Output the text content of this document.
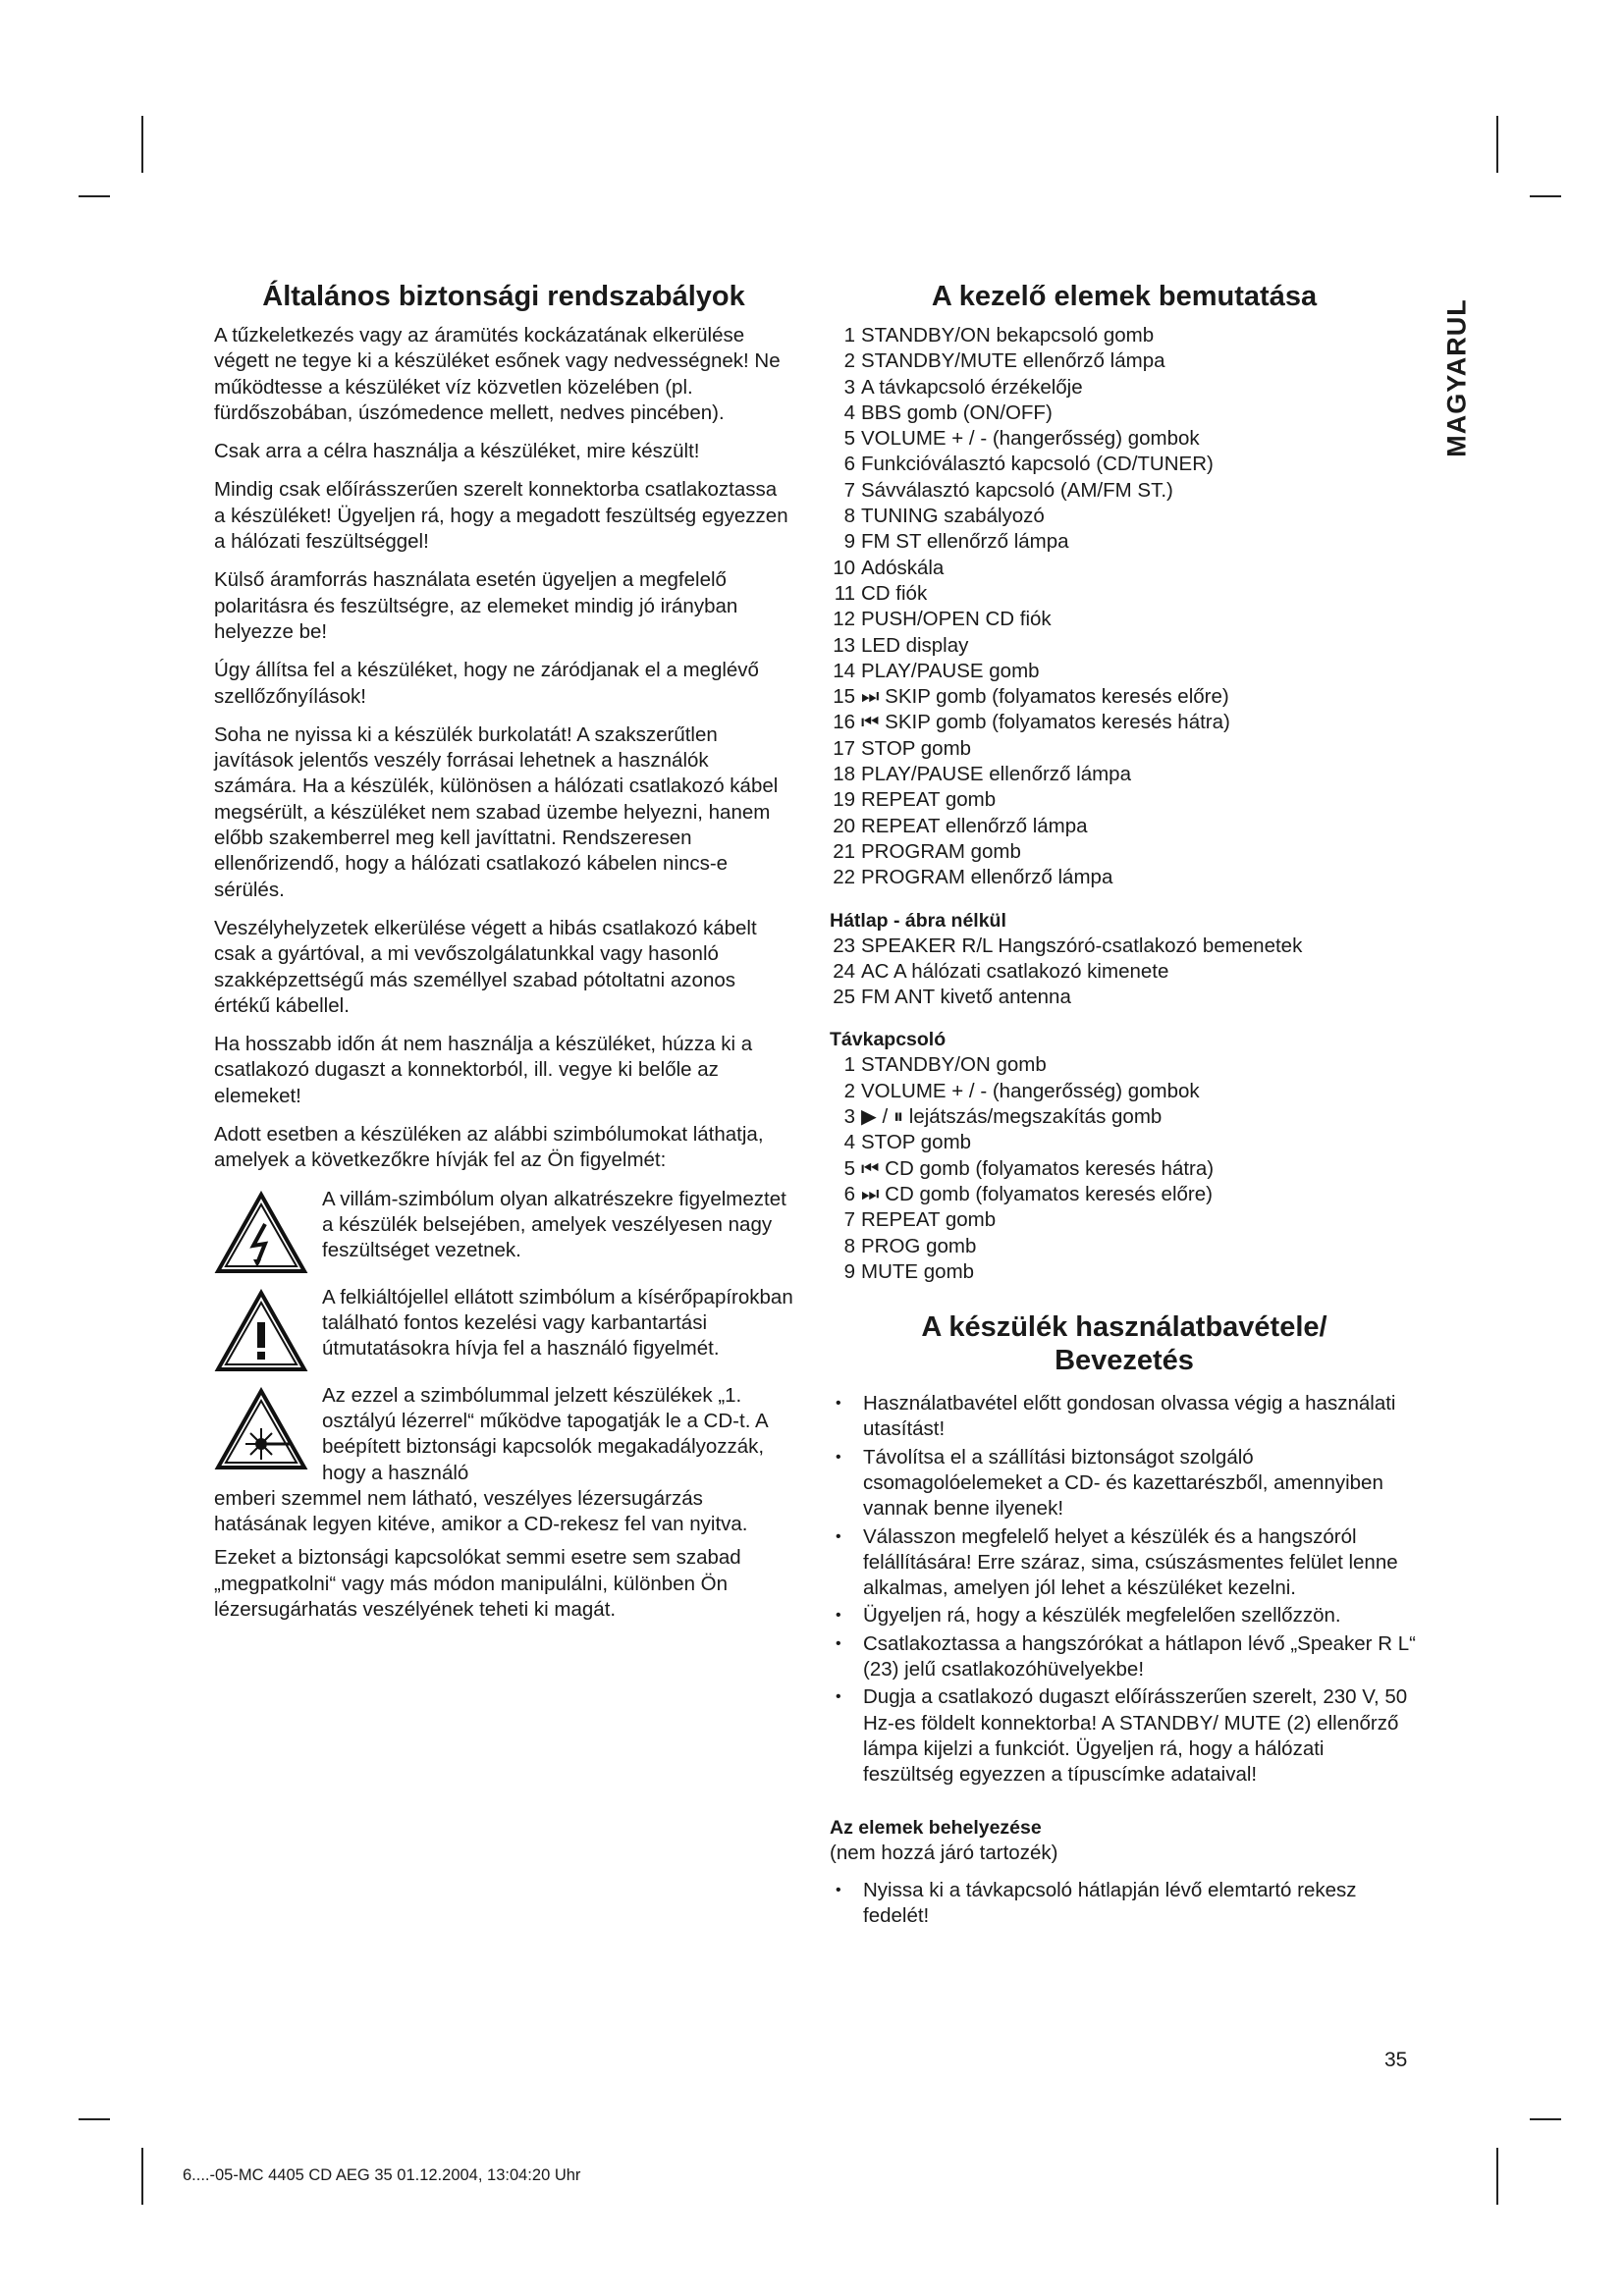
MAGYARUL
Általános biztonsági rendszabályok

A tűzkeletkezés vagy az áramütés kockázatának elkerülése végett ne tegye ki a készüléket esőnek vagy nedvességnek! Ne működtesse a készüléket víz közvetlen közelében (pl. fürdőszobában, úszómedence mellett, nedves pincében).

Csak arra a célra használja a készüléket, mire készült!

Mindig csak előírásszerűen szerelt konnektorba csatlakoztassa a készüléket! Ügyeljen rá, hogy a megadott feszültség egyezzen a hálózati feszültséggel!

Külső áramforrás használata esetén ügyeljen a megfelelő polaritásra és feszültségre, az elemeket mindig jó irányban helyezze be!

Úgy állítsa fel a készüléket, hogy ne záródjanak el a meglévő szellőzőnyílások!

Soha ne nyissa ki a készülék burkolatát! A szakszerűtlen javítások jelentős veszély forrásai lehetnek a használók számára. Ha a készülék, különösen a hálózati csatlakozó kábel megsérült, a készüléket nem szabad üzembe helyezni, hanem előbb szakemberrel meg kell javíttatni. Rendszeresen ellenőrizendő, hogy a hálózati csatlakozó kábelen nincs-e sérülés.

Veszélyhelyzetek elkerülése végett a hibás csatlakozó kábelt csak a gyártóval, a mi vevőszolgálatunkkal vagy hasonló szakképzettségű más személlyel szabad pótoltatni azonos értékű kábellel.

Ha hosszabb időn át nem használja a készüléket, húzza ki a csatlakozó dugaszt a konnektorból, ill. vegye ki belőle az elemeket!

Adott esetben a készüléken az alábbi szimbólumokat láthatja, amelyek a következőkre hívják fel az Ön figyelmét:

A villám-szimbólum olyan alkatrészekre figyelmeztet a készülék belsejében, amelyek veszélyesen nagy feszültséget vezetnek.

A felkiáltójellel ellátott szimbólum a kísérőpapírokban található fontos kezelési vagy karbantartási útmutatásokra hívja fel a használó figyelmét.

Az ezzel a szimbólummal jelzett készülékek „1. osztályú lézerrel“ működve tapogatják le a CD-t. A beépített biztonsági kapcsolók megakadályozzák, hogy a használó
emberi szemmel nem látható, veszélyes lézersugárzás hatásának legyen kitéve, amikor a CD-rekesz fel van nyitva.

Ezeket a biztonsági kapcsolókat semmi esetre sem szabad „megpatkolni“ vagy más módon manipulálni, különben Ön lézersugárhatás veszélyének teheti ki magát.

A kezelő elemek bemutatása
1 STANDBY/ON bekapcsoló gomb
2 STANDBY/MUTE ellenőrző lámpa
3 A távkapcsoló érzékelője
4 BBS gomb (ON/OFF)
5 VOLUME + / - (hangerősség) gombok
6 Funkcióválasztó kapcsoló (CD/TUNER)
7 Sávválasztó kapcsoló (AM/FM ST.)
8 TUNING szabályozó
9 FM ST ellenőrző lámpa
10 Adóskála
11 CD fiók
12 PUSH/OPEN CD fiók
13 LED display
14 PLAY/PAUSE gomb
15 ⏭ SKIP gomb (folyamatos keresés előre)
16 ⏮ SKIP gomb (folyamatos keresés hátra)
17 STOP gomb
18 PLAY/PAUSE ellenőrző lámpa
19 REPEAT gomb
20 REPEAT ellenőrző lámpa
21 PROGRAM gomb
22 PROGRAM ellenőrző lámpa
Hátlap - ábra nélkül
23 SPEAKER R/L Hangszóró-csatlakozó bemenetek
24 AC A hálózati csatlakozó kimenete
25 FM ANT kivető antenna
Távkapcsoló
1 STANDBY/ON gomb
2 VOLUME + / - (hangerősség) gombok
3 ▶ / ⏸ lejátszás/megszakítás gomb
4 STOP gomb
5 ⏮ CD gomb (folyamatos keresés hátra)
6 ⏭ CD gomb (folyamatos keresés előre)
7 REPEAT gomb
8 PROG gomb
9 MUTE gomb
A készülék használatbavétele/
Bevezetés
• Használatbavétel előtt gondosan olvassa végig a használati utasítást!
• Távolítsa el a szállítási biztonságot szolgáló csomagolóelemeket a CD- és kazettarészből, amennyiben vannak benne ilyenek!
• Válasszon megfelelő helyet a készülék és a hangszóról felállítására! Erre száraz, sima, csúszásmentes felület lenne alkalmas, amelyen jól lehet a készüléket kezelni.
• Ügyeljen rá, hogy a készülék megfelelően szellőzzön.
• Csatlakoztassa a hangszórókat a hátlapon lévő „Speaker R L“ (23) jelű csatlakozóhüvelyekbe!
• Dugja a csatlakozó dugaszt előírásszerűen szerelt, 230 V, 50 Hz-es földelt konnektorba! A STANDBY/ MUTE (2) ellenőrző lámpa kijelzi a funkciót. Ügyeljen rá, hogy a hálózati feszültség egyezzen a típuscímke adataival!
Az elemek behelyezése
(nem hozzá járó tartozék)
• Nyissa ki a távkapcsoló hátlapján lévő elemtartó rekesz fedelét!
35
6....-05-MC 4405 CD AEG 35 01.12.2004, 13:04:20 Uhr
